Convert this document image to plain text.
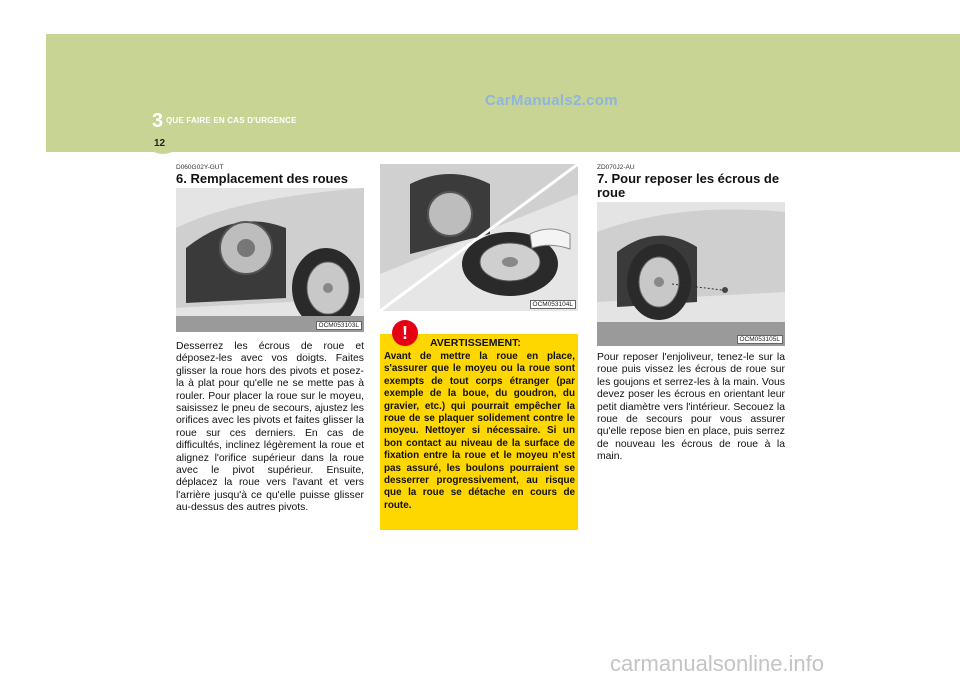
3 QUE FAIRE EN CAS D'URGENCE
12
CarManuals2.com
D060G02Y-GUT
6. Remplacement des roues
OCM053103L
Desserrez les écrous de roue et déposez-les avec vos doigts. Faites glisser la roue hors des pivots et posez-la à plat pour qu'elle ne se mette pas à rouler. Pour placer la roue sur le moyeu, saisissez le pneu de secours, ajustez les orifices avec les pivots et faites glisser la roue sur ces derniers. En cas de difficultés, inclinez légèrement la roue et alignez l'orifice supérieur dans la roue avec le pivot supérieur. Ensuite, déplacez la roue vers l'avant et vers l'arrière jusqu'à ce qu'elle puisse glisser au-dessus des autres pivots.
OCM053104L
!	AVERTISSEMENT:
Avant de mettre la roue en place, s'assurer que le moyeu ou la roue sont exempts de tout corps étranger (par exemple de la boue, du goudron, du gravier, etc.) qui pourrait empêcher la roue de se plaquer solidement contre le moyeu. Nettoyer si nécessaire. Si un bon contact au niveau de la surface de fixation entre la roue et le moyeu n'est pas assuré, les boulons pourraient se desserrer progressivement, au risque que la roue se détache en cours de route.
ZD070J2-AU
7. Pour reposer les écrous de roue
OCM053105L
Pour reposer l'enjoliveur, tenez-le sur la roue puis vissez les écrous de roue sur les goujons et serrez-les à la main. Vous devez poser les écrous en orientant leur petit diamètre vers l'intérieur. Secouez la roue de secours pour vous assurer qu'elle repose bien en place, puis serrez de nouveau les écrous de roue à la main.
carmanualsonline.info
